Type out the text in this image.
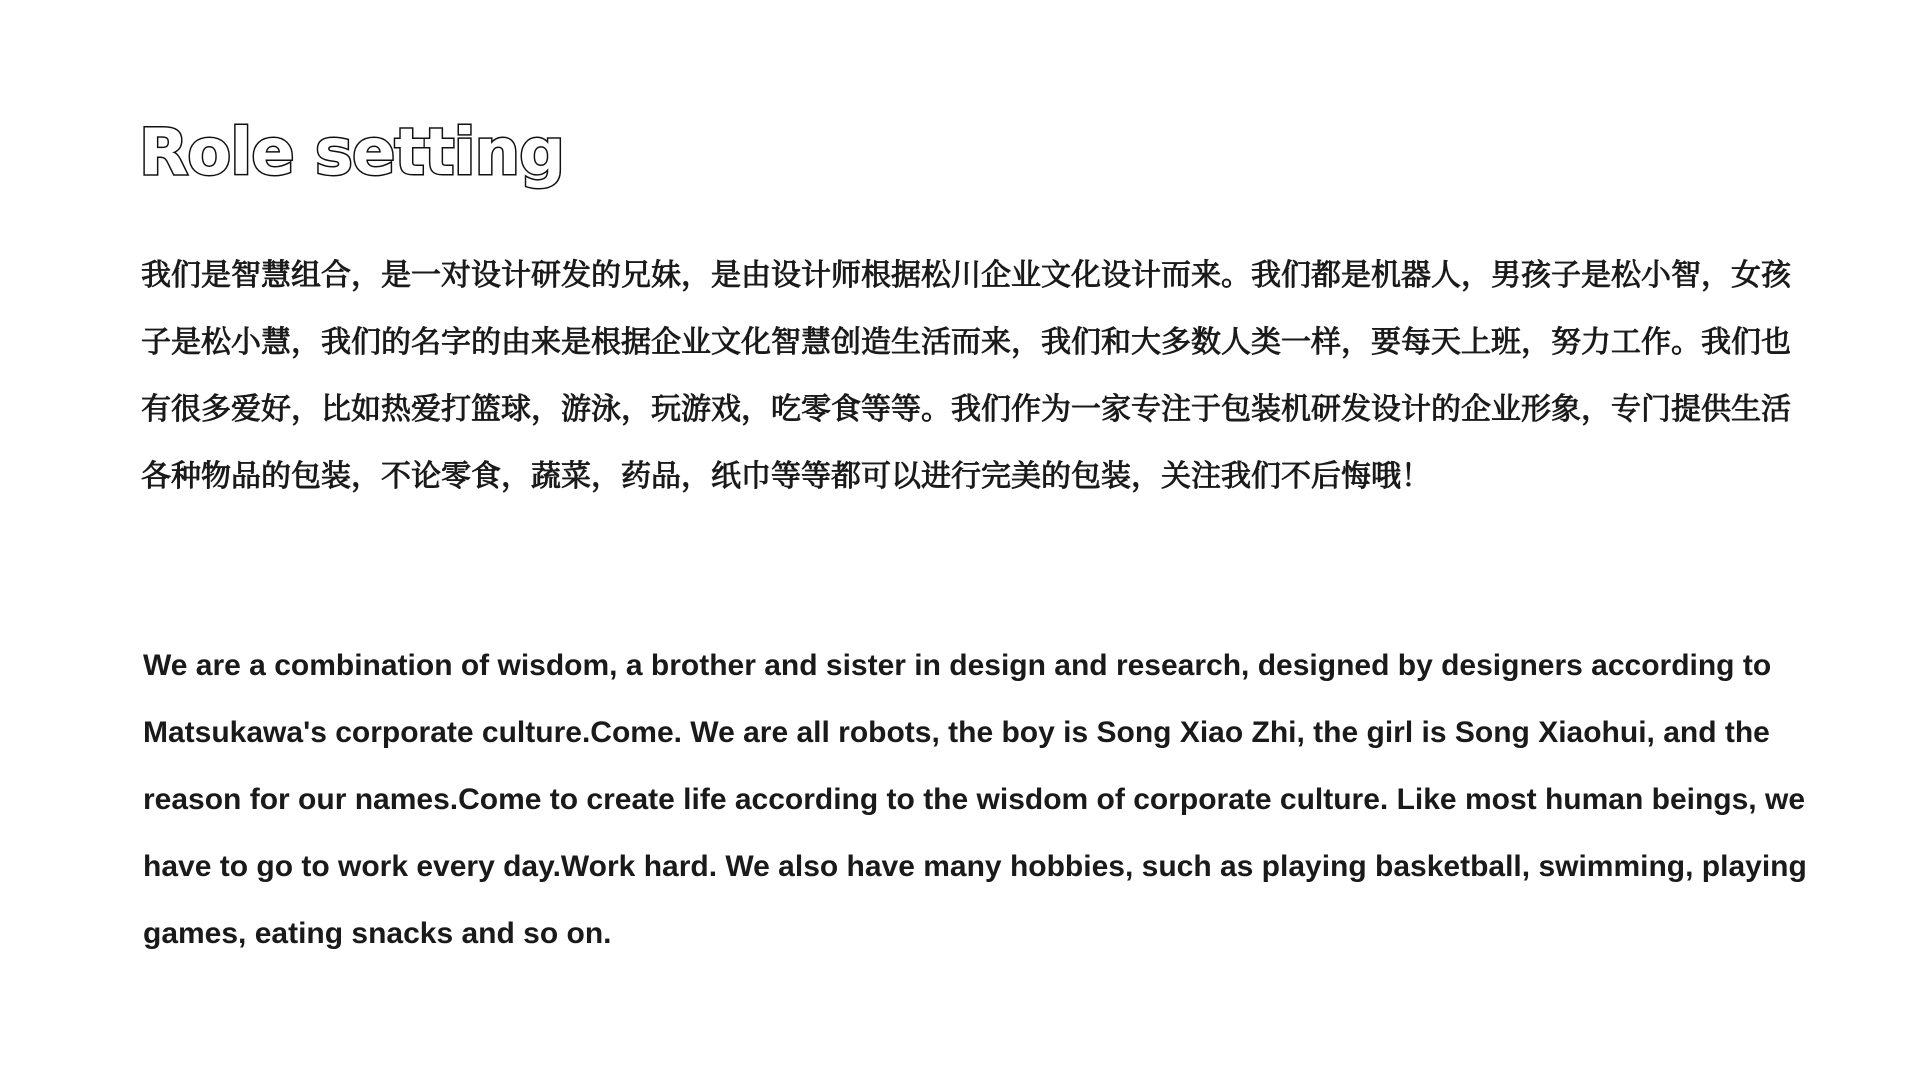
Role setting

我们是智慧组合，是一对设计研发的兄妹，是由设计师根据松川企业文化设计而来。我们都是机器人，男孩子是松小智，女孩子是松小慧，我们的名字的由来是根据企业文化智慧创造生活而来，我们和大多数人类一样，要每天上班，努力工作。我们也有很多爱好，比如热爱打篮球，游泳，玩游戏，吃零食等等。我们作为一家专注于包装机研发设计的企业形象，专门提供生活各种物品的包装，不论零食，蔬菜，药品，纸巾等等都可以进行完美的包装，关注我们不后悔哦！

We are a combination of wisdom, a brother and sister in design and research, designed by designers according to Matsukawa's corporate culture.Come. We are all robots, the boy is Song Xiao Zhi, the girl is Song Xiaohui, and the reason for our names.Come to create life according to the wisdom of corporate culture. Like most human beings, we have to go to work every day.Work hard. We also have many hobbies, such as playing basketball, swimming, playing games, eating snacks and so on.
